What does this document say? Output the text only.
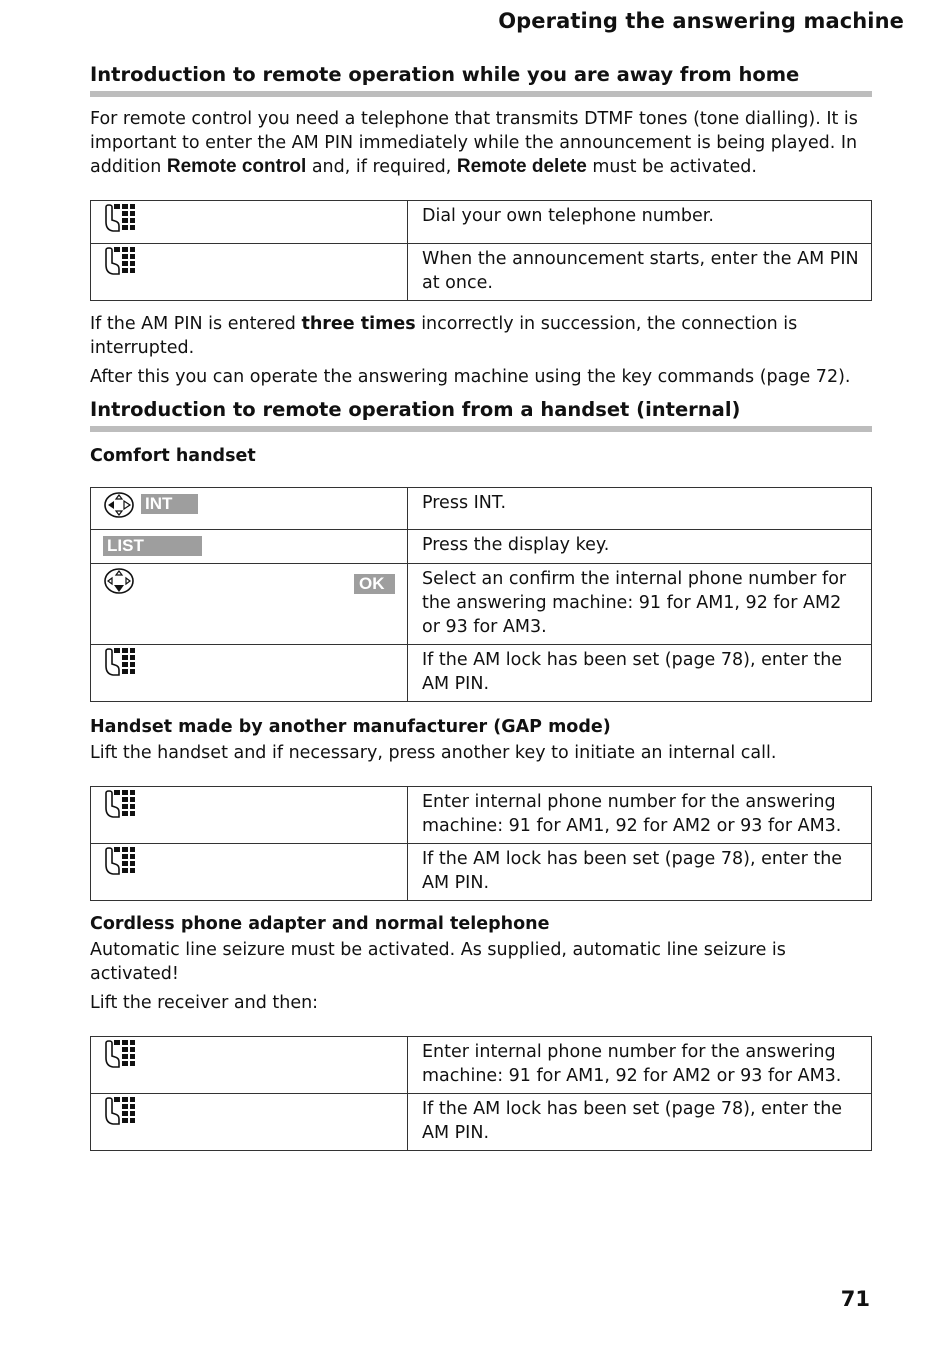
Operating the answering machine
Introduction to remote operation while you are away from home

For remote control you need a telephone that transmits DTMF tones (tone dialling). It is important to enter the AM PIN immediately while the announcement is being played. In addition Remote control and, if required, Remote delete must be activated.

	Dial your own telephone number.
	When the announcement starts, enter the AM PIN at once.

If the AM PIN is entered three times incorrectly in succession, the connection is interrupted.

After this you can operate the answering machine using the key commands (page 72).

Introduction to remote operation from a handset (internal)
Comfort handset
INT	Press INT.
LIST	Press the display key.

OK	Select an confirm the internal phone number for the answering machine: 91 for AM1, 92 for AM2 or 93 for AM3.
	If the AM lock has been set (page 78), enter the AM PIN.
Handset made by another manufacturer (GAP mode)

Lift the handset and if necessary, press another key to initiate an internal call.

	Enter internal phone number for the answering machine: 91 for AM1, 92 for AM2 or 93 for AM3.
	If the AM lock has been set (page 78), enter the AM PIN.
Cordless phone adapter and normal telephone

Automatic line seizure must be activated. As supplied, automatic line seizure is activated!

Lift the receiver and then:

	Enter internal phone number for the answering machine: 91 for AM1, 92 for AM2 or 93 for AM3.
	If the AM lock has been set (page 78), enter the AM PIN.
71
